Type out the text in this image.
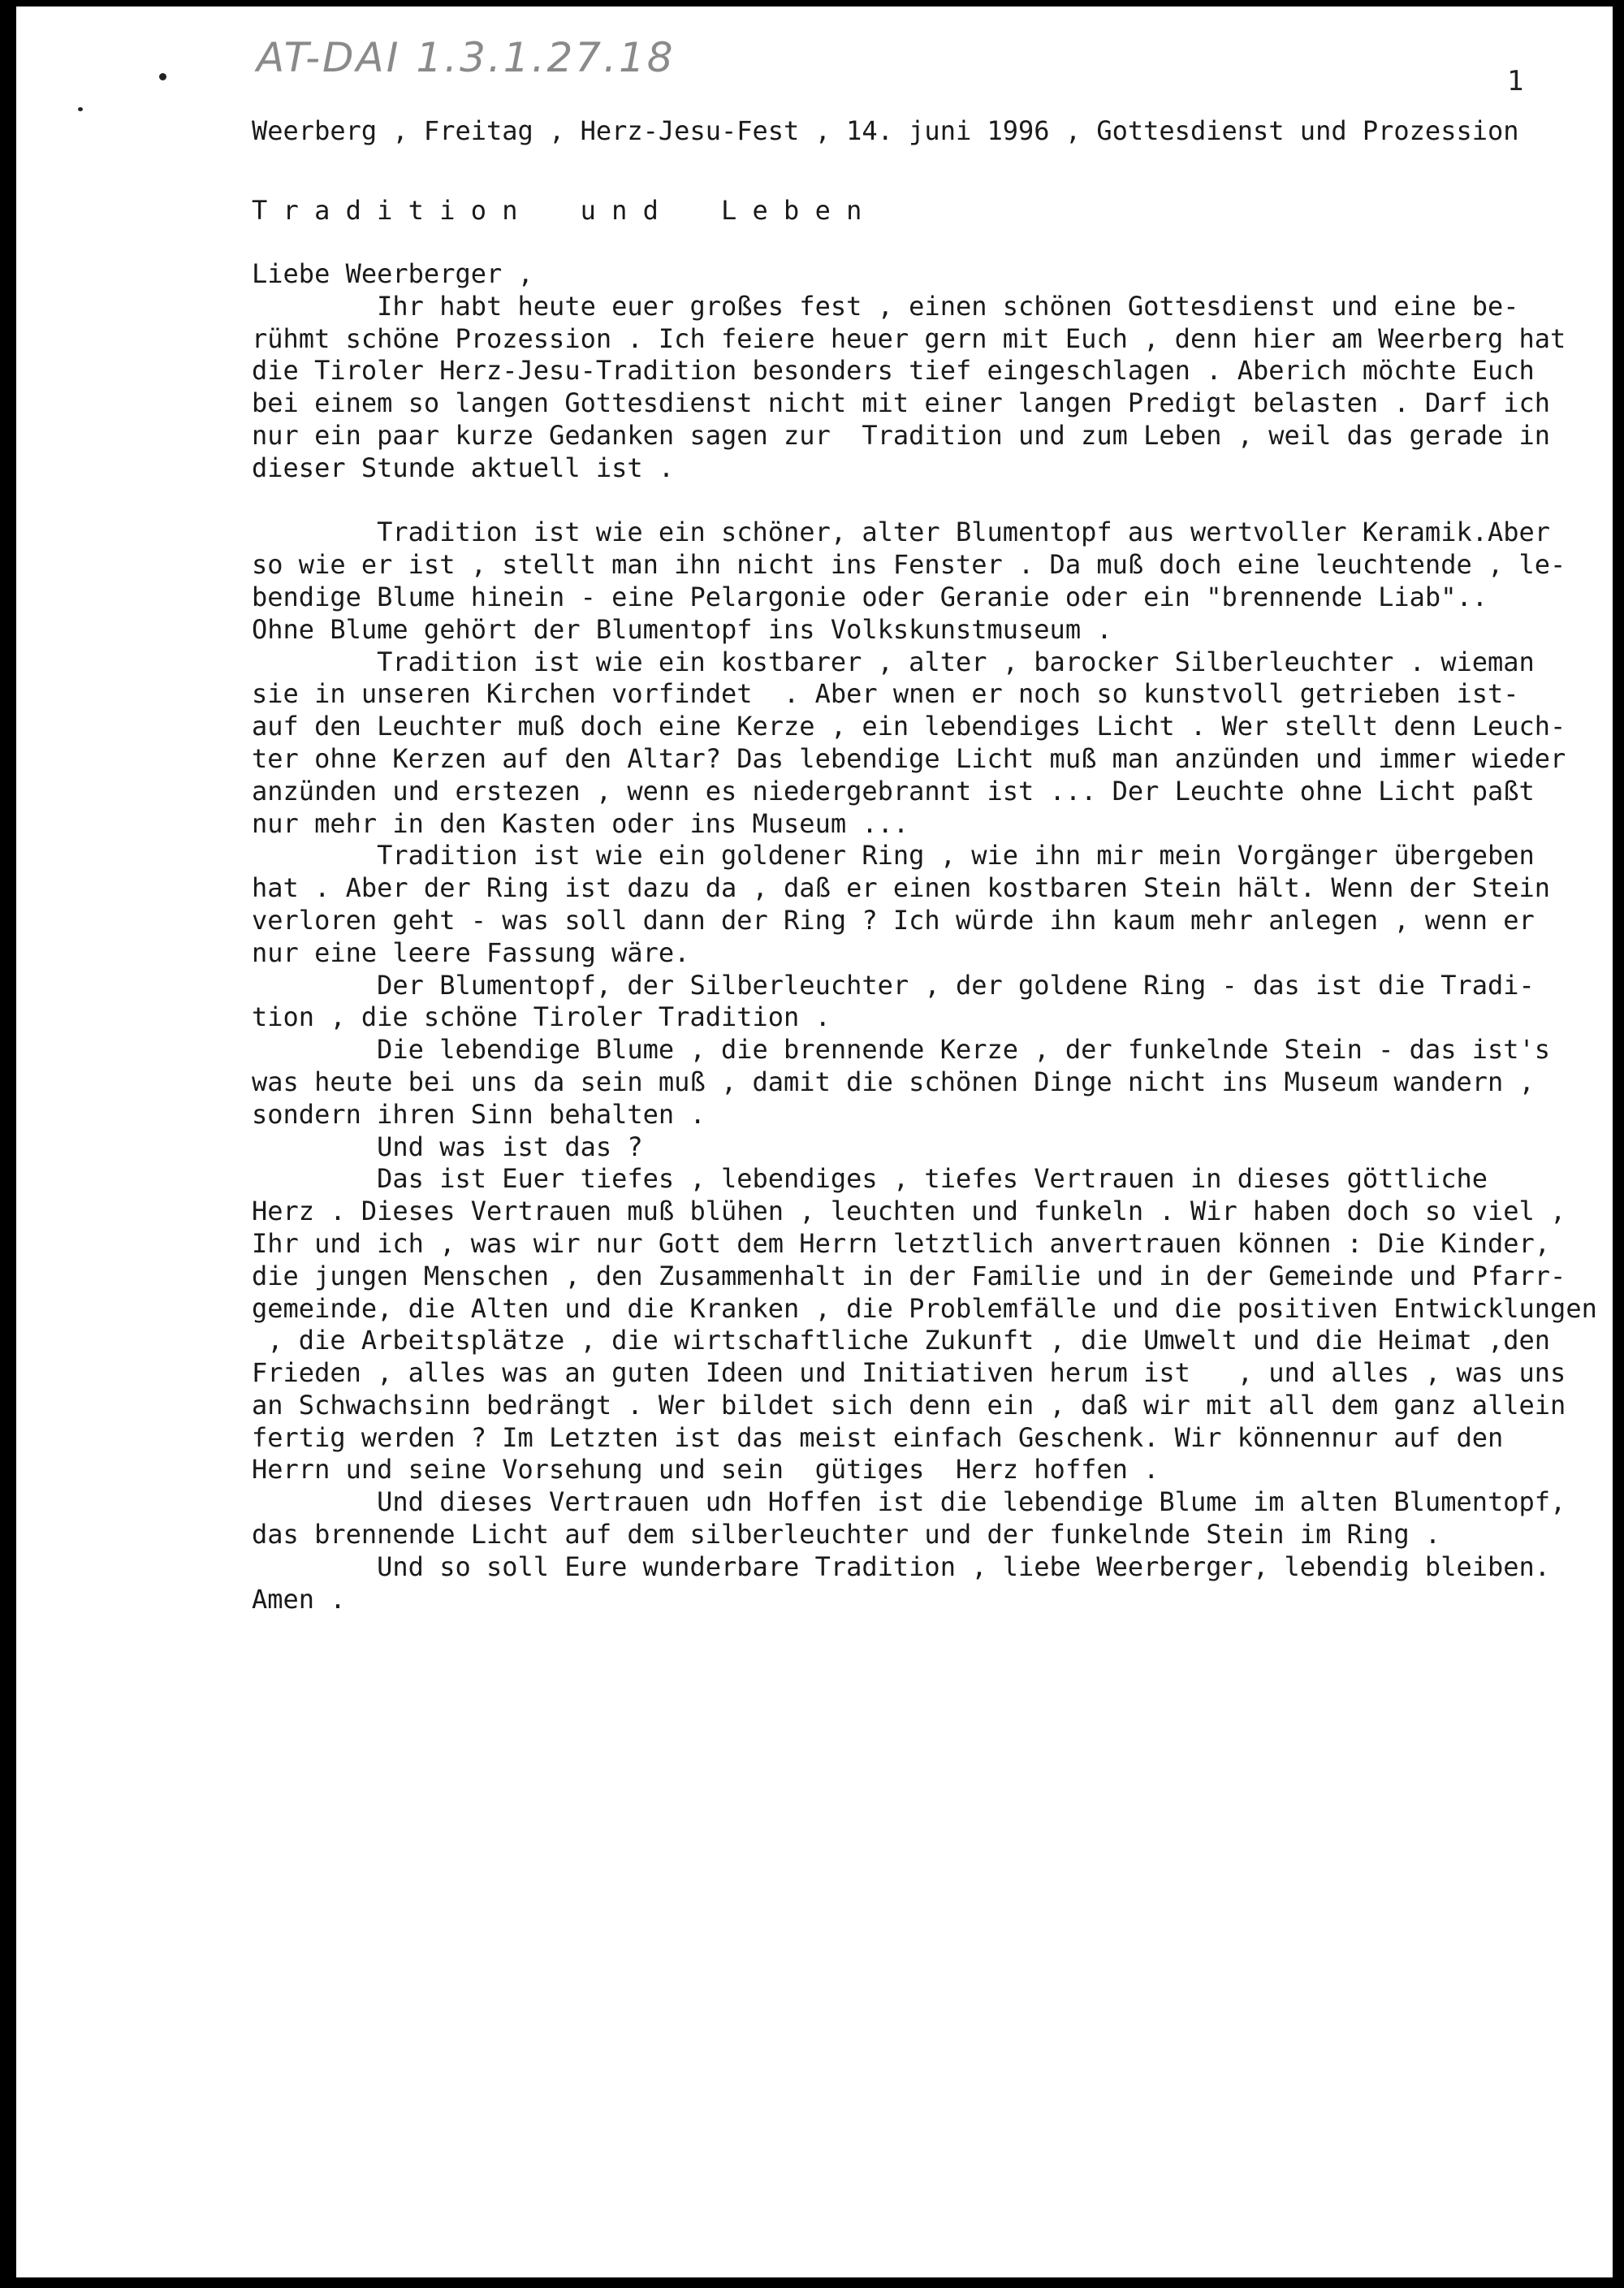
AT-DAI 1.3.1.27.18	1

Weerberg , Freitag , Herz-Jesu-Fest , 14. juni 1996 , Gottesdienst und Prozession

T r a d i t i o n    u n d    L e b e n

Liebe Weerberger ,
Ihr habt heute euer großes fest , einen schönen Gottesdienst und eine be-
rühmt schöne Prozession . Ich feiere heuer gern mit Euch , denn hier am Weerberg hat
die Tiroler Herz-Jesu-Tradition besonders tief eingeschlagen . Aberich möchte Euch
bei einem so langen Gottesdienst nicht mit einer langen Predigt belasten . Darf ich
nur ein paar kurze Gedanken sagen zur  Tradition und zum Leben , weil das gerade in
dieser Stunde aktuell ist .

Tradition ist wie ein schöner, alter Blumentopf aus wertvoller Keramik.Aber
so wie er ist , stellt man ihn nicht ins Fenster . Da muß doch eine leuchtende , le-
bendige Blume hinein - eine Pelargonie oder Geranie oder ein "brennende Liab"..
Ohne Blume gehört der Blumentopf ins Volkskunstmuseum .
Tradition ist wie ein kostbarer , alter , barocker Silberleuchter . wieman
sie in unseren Kirchen vorfindet  . Aber wnen er noch so kunstvoll getrieben ist-
auf den Leuchter muß doch eine Kerze , ein lebendiges Licht . Wer stellt denn Leuch-
ter ohne Kerzen auf den Altar? Das lebendige Licht muß man anzünden und immer wieder
anzünden und erstezen , wenn es niedergebrannt ist ... Der Leuchte ohne Licht paßt
nur mehr in den Kasten oder ins Museum ...
Tradition ist wie ein goldener Ring , wie ihn mir mein Vorgänger übergeben
hat . Aber der Ring ist dazu da , daß er einen kostbaren Stein hält. Wenn der Stein
verloren geht - was soll dann der Ring ? Ich würde ihn kaum mehr anlegen , wenn er
nur eine leere Fassung wäre.
Der Blumentopf, der Silberleuchter , der goldene Ring - das ist die Tradi-
tion , die schöne Tiroler Tradition .
Die lebendige Blume , die brennende Kerze , der funkelnde Stein - das ist's
was heute bei uns da sein muß , damit die schönen Dinge nicht ins Museum wandern ,
sondern ihren Sinn behalten .
Und was ist das ?
Das ist Euer tiefes , lebendiges , tiefes Vertrauen in dieses göttliche
Herz . Dieses Vertrauen muß blühen , leuchten und funkeln . Wir haben doch so viel ,
Ihr und ich , was wir nur Gott dem Herrn letztlich anvertrauen können : Die Kinder,
die jungen Menschen , den Zusammenhalt in der Familie und in der Gemeinde und Pfarr-
gemeinde, die Alten und die Kranken , die Problemfälle und die positiven Entwicklungen
, die Arbeitsplätze , die wirtschaftliche Zukunft , die Umwelt und die Heimat ,den
Frieden , alles was an guten Ideen und Initiativen herum ist   , und alles , was uns
an Schwachsinn bedrängt . Wer bildet sich denn ein , daß wir mit all dem ganz allein
fertig werden ? Im Letzten ist das meist einfach Geschenk. Wir könnennur auf den
Herrn und seine Vorsehung und sein  gütiges  Herz hoffen .
Und dieses Vertrauen udn Hoffen ist die lebendige Blume im alten Blumentopf,
das brennende Licht auf dem silberleuchter und der funkelnde Stein im Ring .
Und so soll Eure wunderbare Tradition , liebe Weerberger, lebendig bleiben.
Amen .
